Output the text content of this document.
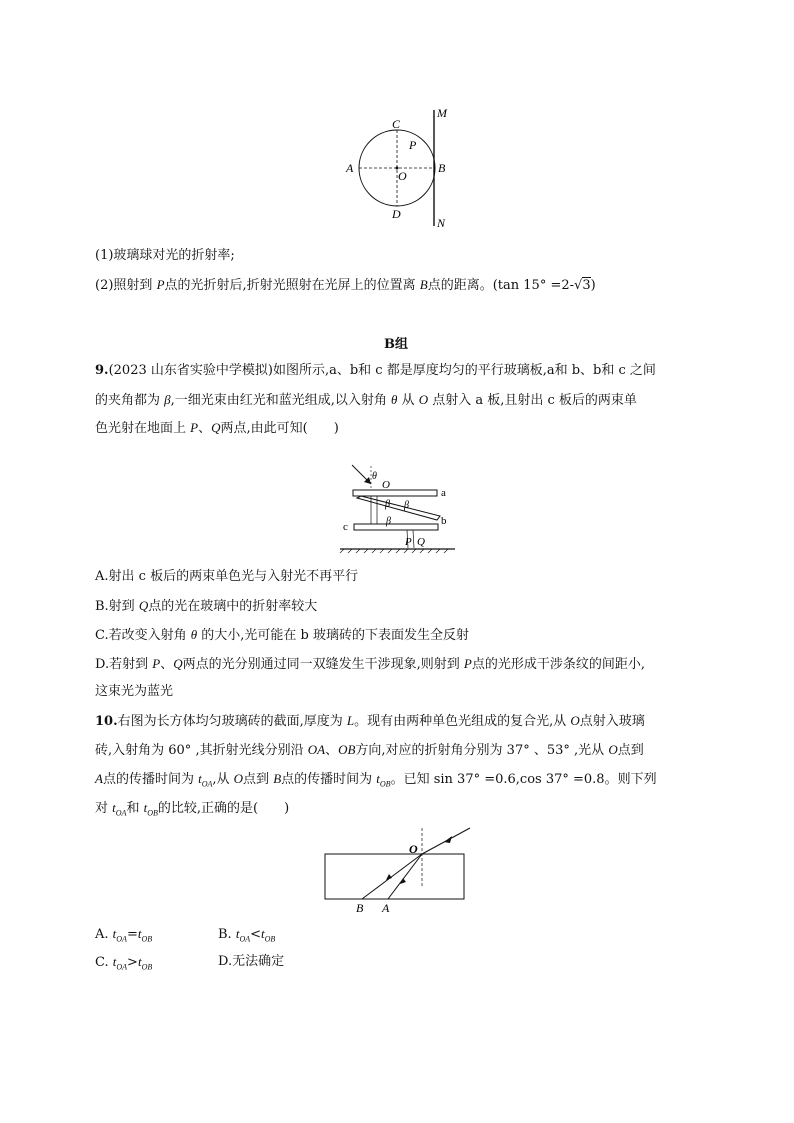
A	B
C
D
O
P
M
N
(1)玻璃球对光的折射率;
(2)照射到 P点的光折射后,折射光照射在光屏上的位置离 B点的距离。(tan 15° =2-√3)
B组
9.(2023 山东省实验中学模拟)如图所示,a、b和 c 都是厚度均匀的平行玻璃板,a和 b、b和 c 之间
的夹角都为 β,一细光束由红光和蓝光组成,以入射角 θ 从 O 点射入 a 板,且射出 c 板后的两束单
色光射在地面上 P、Q两点,由此可知(　　)
θ
O
a
b
c
β β
β
P Q
A.射出 c 板后的两束单色光与入射光不再平行
B.射到 Q点的光在玻璃中的折射率较大
C.若改变入射角 θ 的大小,光可能在 b 玻璃砖的下表面发生全反射
D.若射到 P、Q两点的光分别通过同一双缝发生干涉现象,则射到 P点的光形成干涉条纹的间距小,
这束光为蓝光
10.右图为长方体均匀玻璃砖的截面,厚度为 L。现有由两种单色光组成的复合光,从 O点射入玻璃
砖,入射角为 60° ,其折射光线分别沿 OA、OB方向,对应的折射角分别为 37° 、53° ,光从 O点到
A点的传播时间为 $t_{OA}$,从 O点到 B点的传播时间为 $t_{OB}$。已知 sin 37° =0.6,cos 37° =0.8。则下列
对 $t_{OA}$和 $t_{OB}$的比较,正确的是(　　)
O
B A
A. $t_{OA}=t_{OB}$	B. $t_{OA}<t_{OB}$
C. $t_{OA}>t_{OB}$	D.无法确定
